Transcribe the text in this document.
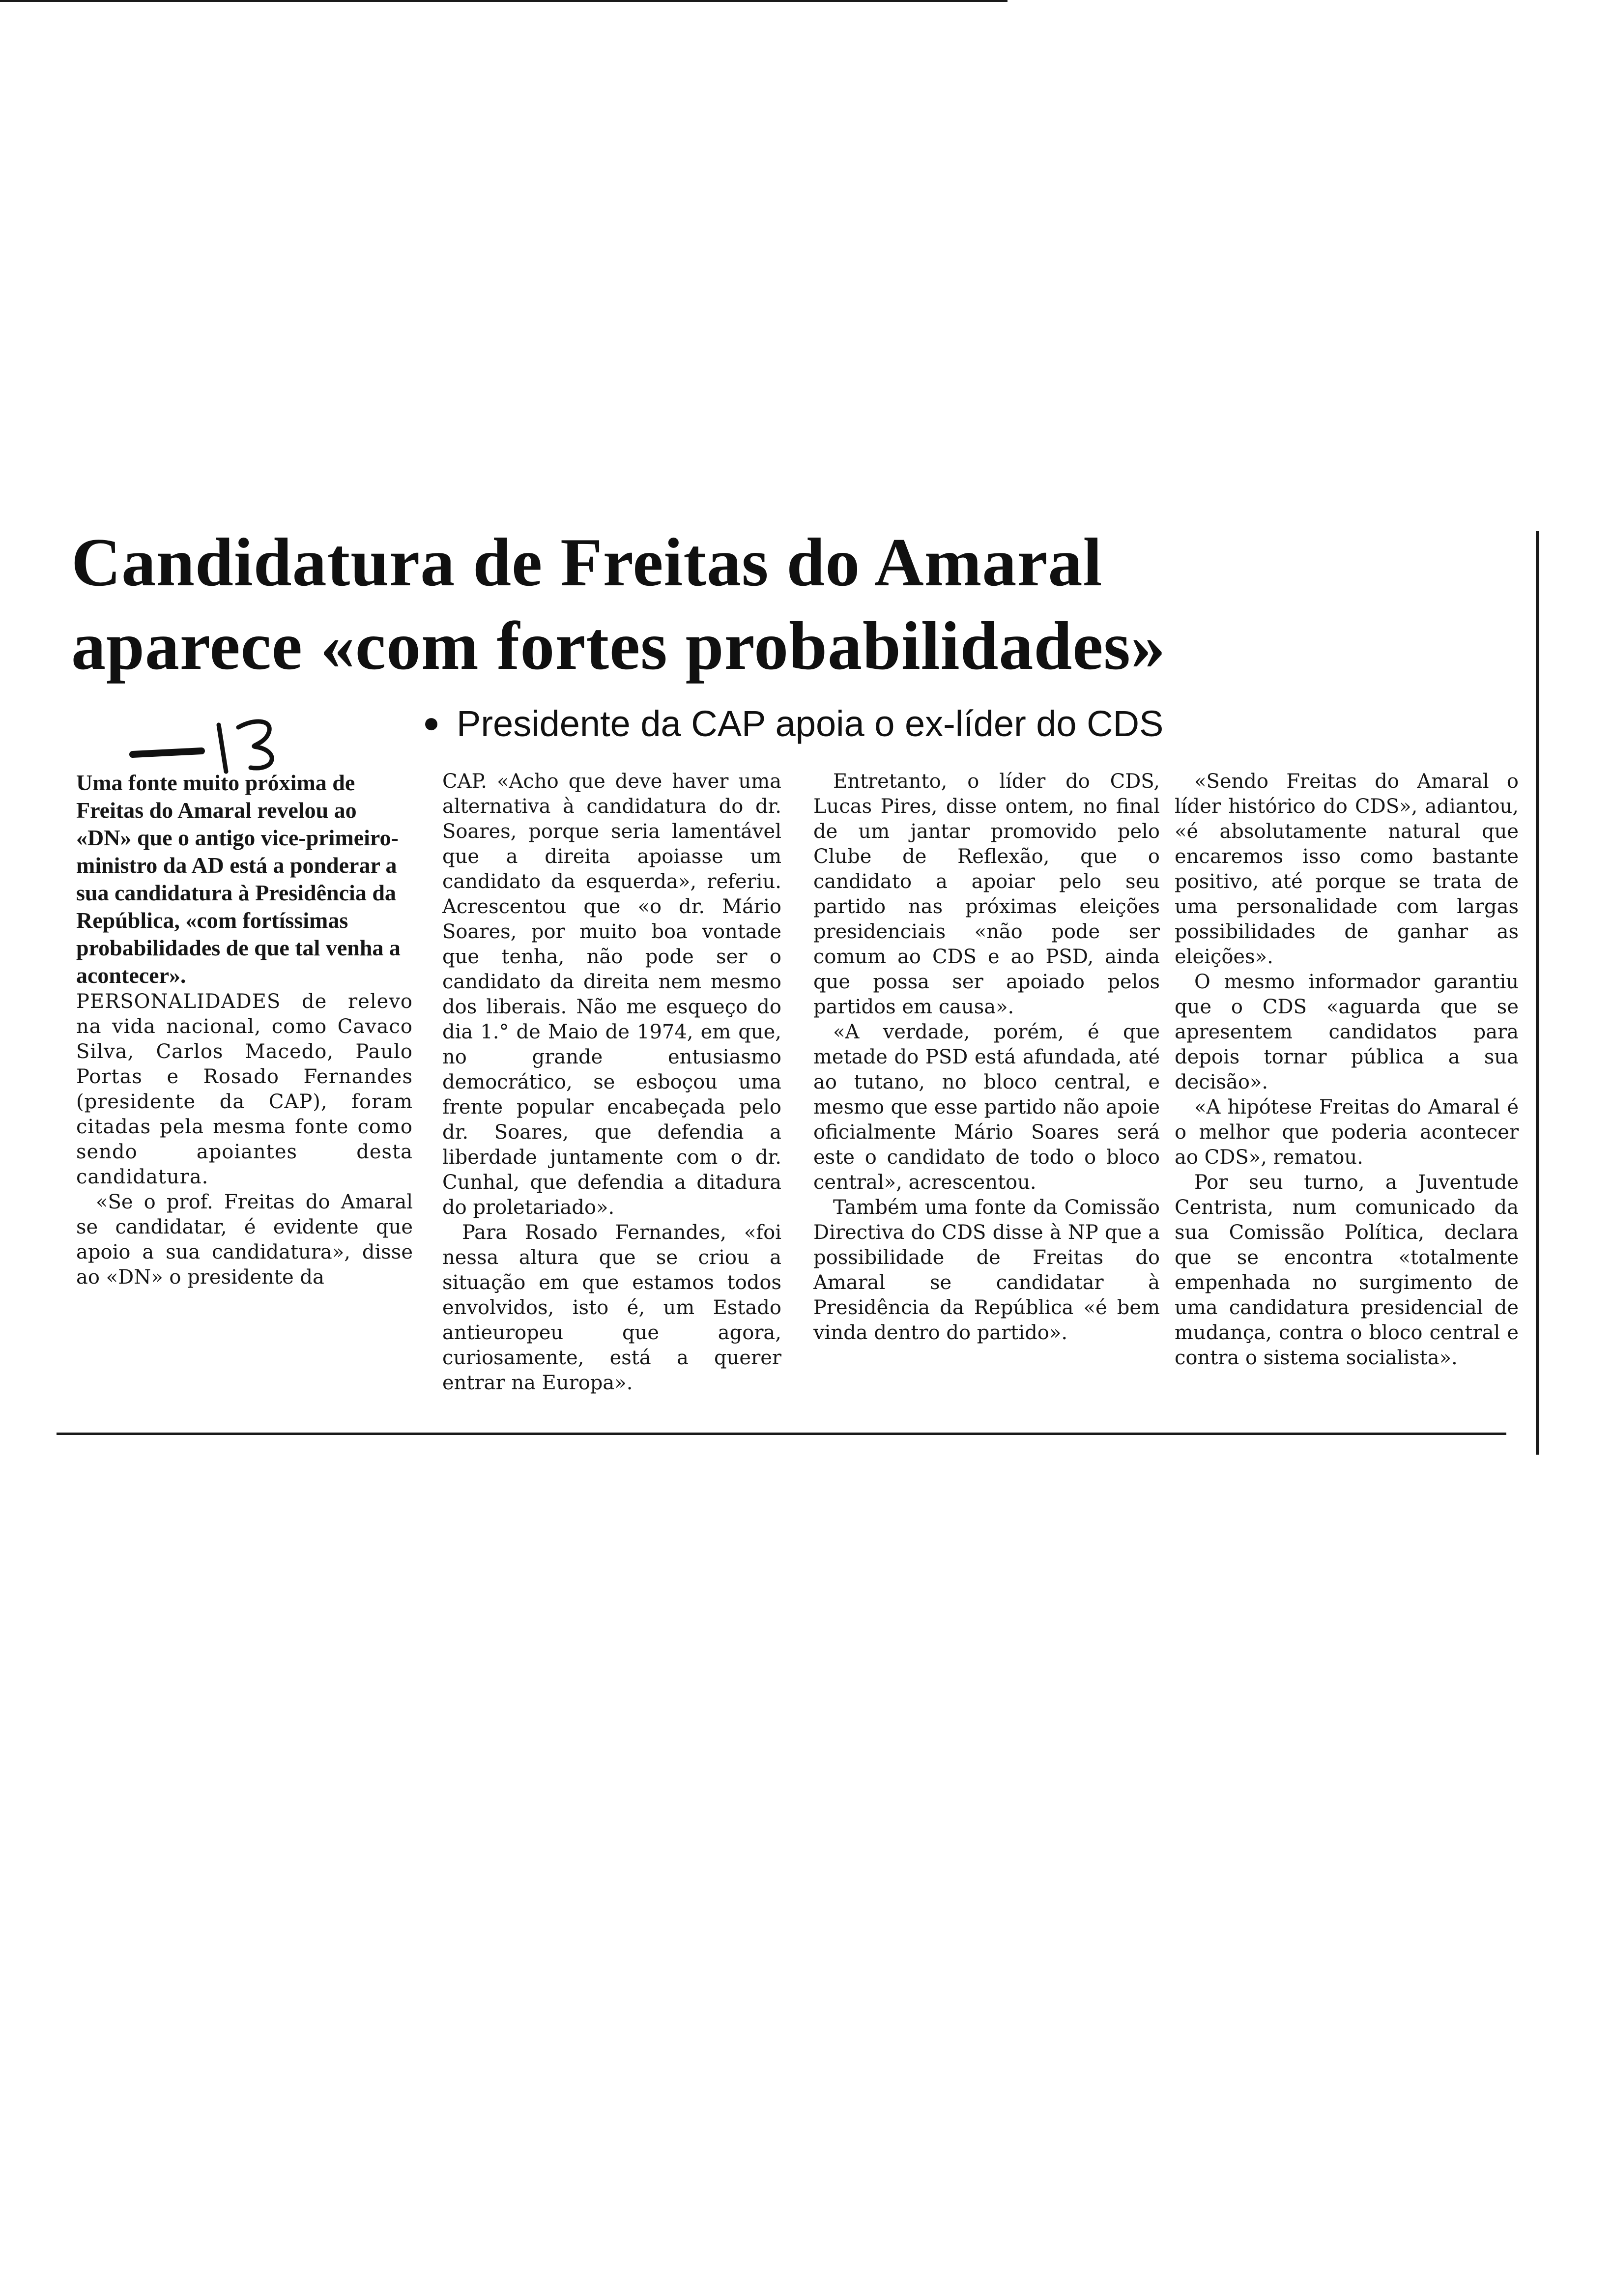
Candidatura de Freitas do Amaral
aparece «com fortes probabilidades»
● Presidente da CAP apoia o ex-líder do CDS

Uma fonte muito próxima de Freitas do Amaral revelou ao «DN» que o antigo vice-primeiro-ministro da AD está a ponderar a sua candidatura à Presidência da República, «com fortíssimas probabilidades de que tal venha a acontecer».

PERSONALIDADES de relevo na vida nacional, como Cavaco Silva, Carlos Macedo, Paulo Portas e Rosado Fernandes (presidente da CAP), foram citadas pela mesma fonte como sendo apoiantes desta candidatura.

«Se o prof. Freitas do Amaral se candidatar, é evidente que apoio a sua candidatura», disse ao «DN» o presidente da

CAP. «Acho que deve haver uma alternativa à candidatura do dr. Soares, porque seria lamentável que a direita apoiasse um candidato da esquerda», referiu. Acrescentou que «o dr. Mário Soares, por muito boa vontade que tenha, não pode ser o candidato da direita nem mesmo dos liberais. Não me esqueço do dia 1.° de Maio de 1974, em que, no grande entusiasmo democrático, se esboçou uma frente popular encabeçada pelo dr. Soares, que defendia a liberdade juntamente com o dr. Cunhal, que defendia a ditadura do proletariado».

Para Rosado Fernandes, «foi nessa altura que se criou a situação em que estamos todos envolvidos, isto é, um Estado antieuropeu que agora, curiosamente, está a querer entrar na Europa».

Entretanto, o líder do CDS, Lucas Pires, disse ontem, no final de um jantar promovido pelo Clube de Reflexão, que o candidato a apoiar pelo seu partido nas próximas eleições presidenciais «não pode ser comum ao CDS e ao PSD, ainda que possa ser apoiado pelos partidos em causa».

«A verdade, porém, é que metade do PSD está afundada, até ao tutano, no bloco central, e mesmo que esse partido não apoie oficialmente Mário Soares será este o candidato de todo o bloco central», acrescentou.

Também uma fonte da Comissão Directiva do CDS disse à NP que a possibilidade de Freitas do Amaral se candidatar à Presidência da República «é bem vinda dentro do partido».

«Sendo Freitas do Amaral o líder histórico do CDS», adiantou, «é absolutamente natural que encaremos isso como bastante positivo, até porque se trata de uma personalidade com largas possibilidades de ganhar as eleições».

O mesmo informador garantiu que o CDS «aguarda que se apresentem candidatos para depois tornar pública a sua decisão».

«A hipótese Freitas do Amaral é o melhor que poderia acontecer ao CDS», rematou.

Por seu turno, a Juventude Centrista, num comunicado da sua Comissão Política, declara que se encontra «totalmente empenhada no surgimento de uma candidatura presidencial de mudança, contra o bloco central e contra o sistema socialista».
